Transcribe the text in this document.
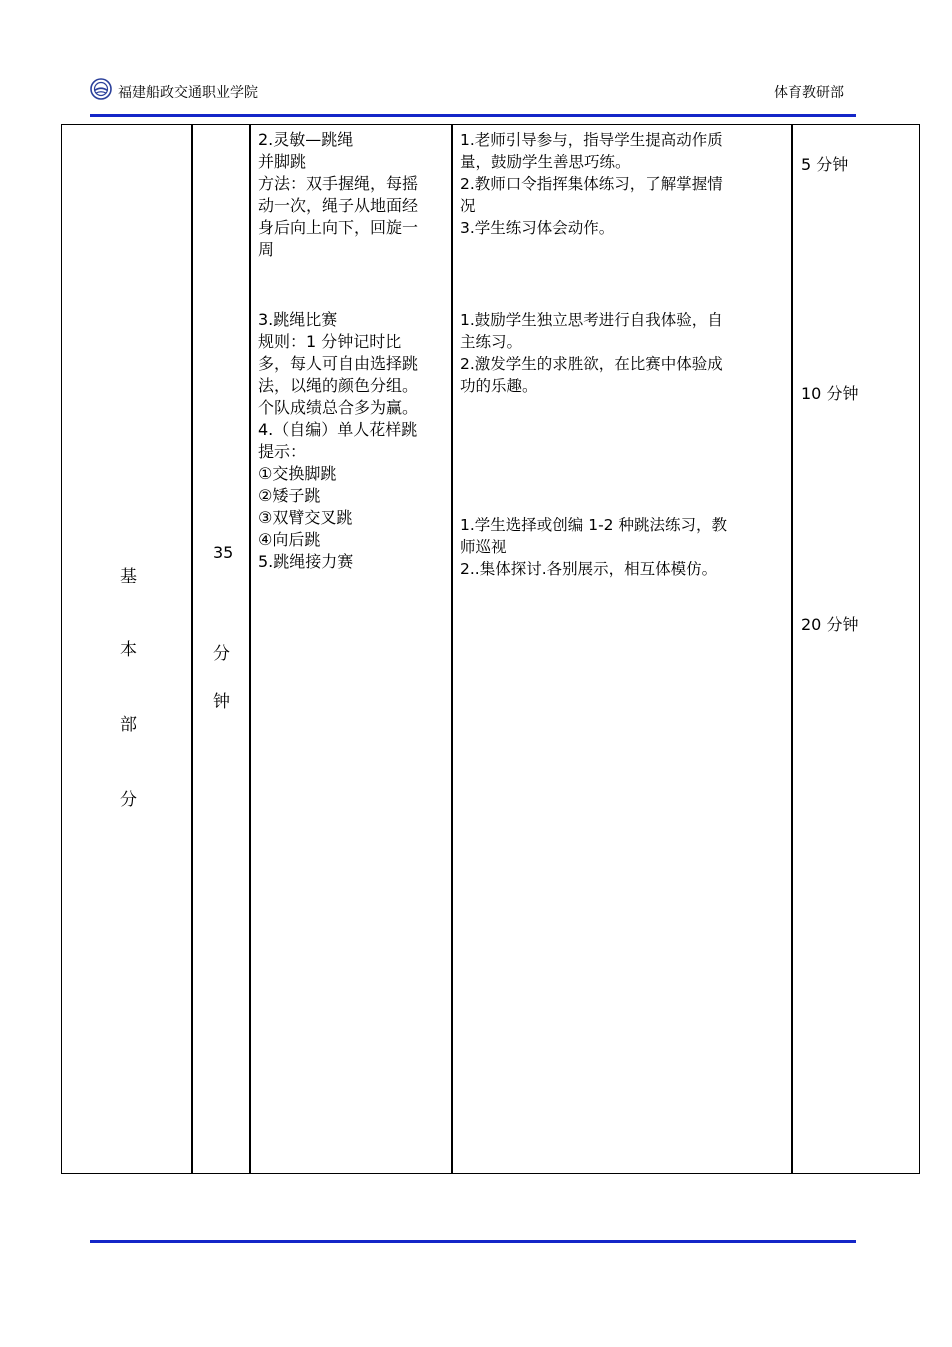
福建船政交通职业学院	体育教研部
基
本
部
分
35
分
钟
2.灵敏—跳绳
并脚跳
方法：双手握绳，每摇
动一次，绳子从地面经
身后向上向下，回旋一
周
3.跳绳比赛
规则：1 分钟记时比
多，每人可自由选择跳
法，以绳的颜色分组。
个队成绩总合多为赢。
4.（自编）单人花样跳
提示：
①交换脚跳
②矮子跳
③双臂交叉跳
④向后跳
5.跳绳接力赛
1.老师引导参与，指导学生提高动作质
量，鼓励学生善思巧练。
2.教师口令指挥集体练习，了解掌握情
况
3.学生练习体会动作。
1.鼓励学生独立思考进行自我体验，自
主练习。
2.激发学生的求胜欲，在比赛中体验成
功的乐趣。
1.学生选择或创编 1-2 种跳法练习，教
师巡视
2..集体探讨.各别展示，相互体模仿。
5 分钟
10 分钟
20 分钟
